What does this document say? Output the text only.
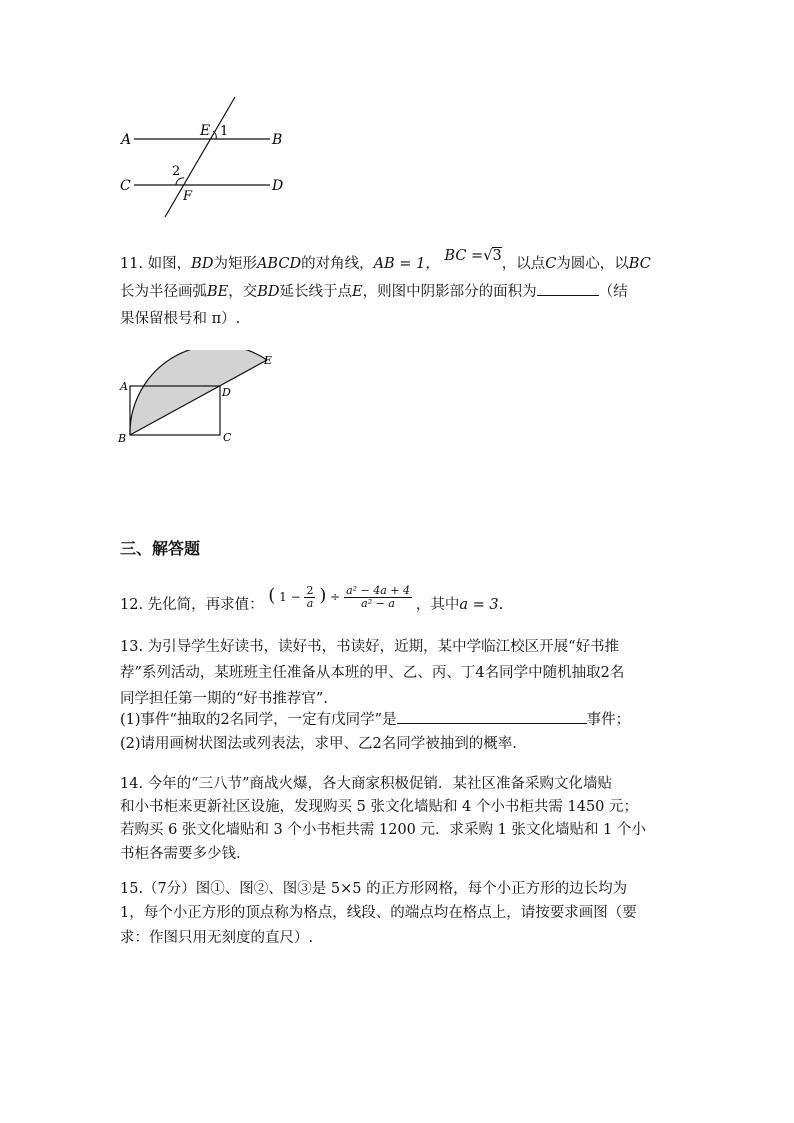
A	B
C	D
E
F
1
2
11. 如图，BD为矩形ABCD的对角线，AB = 1， BC =√3，以点C为圆心，以BC
长为半径画弧BE，交BD延长线于点E，则图中阴影部分的面积为	（结
果保留根号和 π）.
A
B	C
D
E
三、解答题
12. 先化简，再求值： $^{( 1 - \frac{2}{a} ) \div \frac{\text{a² − 4a + 4}}{\text{a² − a}}}$ ，其中a = 3.
13. 为引导学生好读书，读好书，书读好，近期，某中学临江校区开展“好书推
荐”系列活动，某班班主任准备从本班的甲、乙、丙、丁4名同学中随机抽取2名
同学担任第一期的“好书推荐官”.
(1)事件“抽取的2名同学，一定有戊同学”是	事件；
(2)请用画树状图法或列表法，求甲、乙2名同学被抽到的概率.
14. 今年的“三八节”商战火爆，各大商家积极促销．某社区准备采购文化墙贴
和小书柜来更新社区设施，发现购买 5 张文化墙贴和 4 个小书柜共需 1450 元；
若购买 6 张文化墙贴和 3 个小书柜共需 1200 元．求采购 1 张文化墙贴和 1 个小
书柜各需要多少钱.
15.（7分）图①、图②、图③是 5×5 的正方形网格，每个小正方形的边长均为
1，每个小正方形的顶点称为格点，线段、的端点均在格点上，请按要求画图（要
求：作图只用无刻度的直尺）.
